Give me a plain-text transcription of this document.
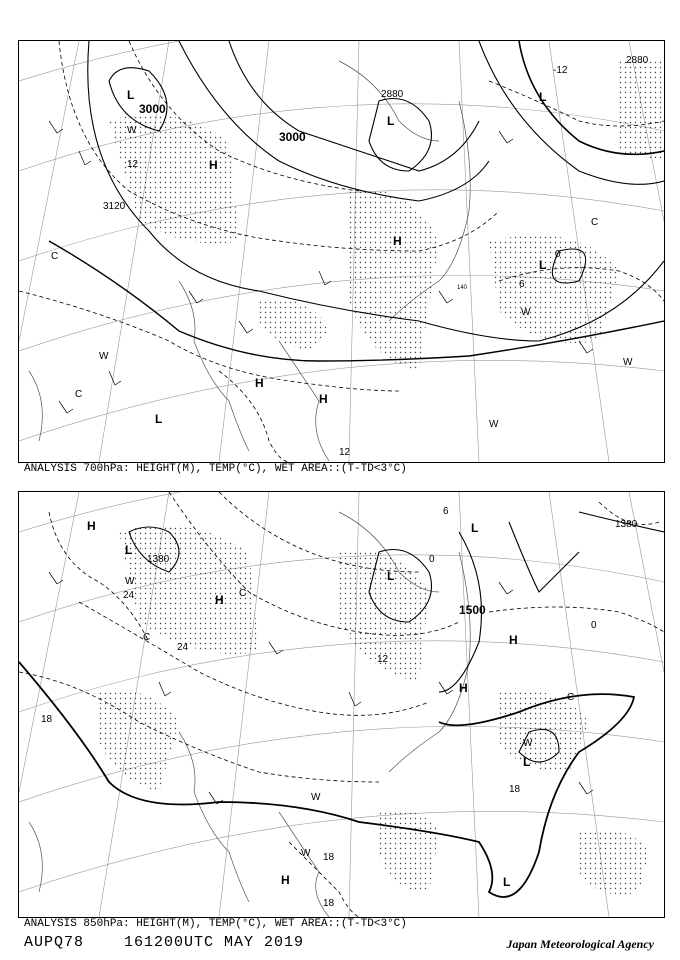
3000
3000
2880
2880
3120
12
12
-12
0
6
140
L
H
L
H
L
H
H
L
L
W
W
W
W
W
C
C
C
ANALYSIS 700hPa: HEIGHT(M), TEMP(°C), WET AREA::(T-TD<3°C)
1380
1380
1500
24
24
18
18
18
18
12
6
0
0
H
L
H
L
H
H
L
H	L
L
W
W
W
W
C
C
C
ANALYSIS 850hPa: HEIGHT(M), TEMP(°C), WET AREA::(T-TD<3°C)
AUPQ78    161200UTC MAY 2019	Japan Meteorological Agency
